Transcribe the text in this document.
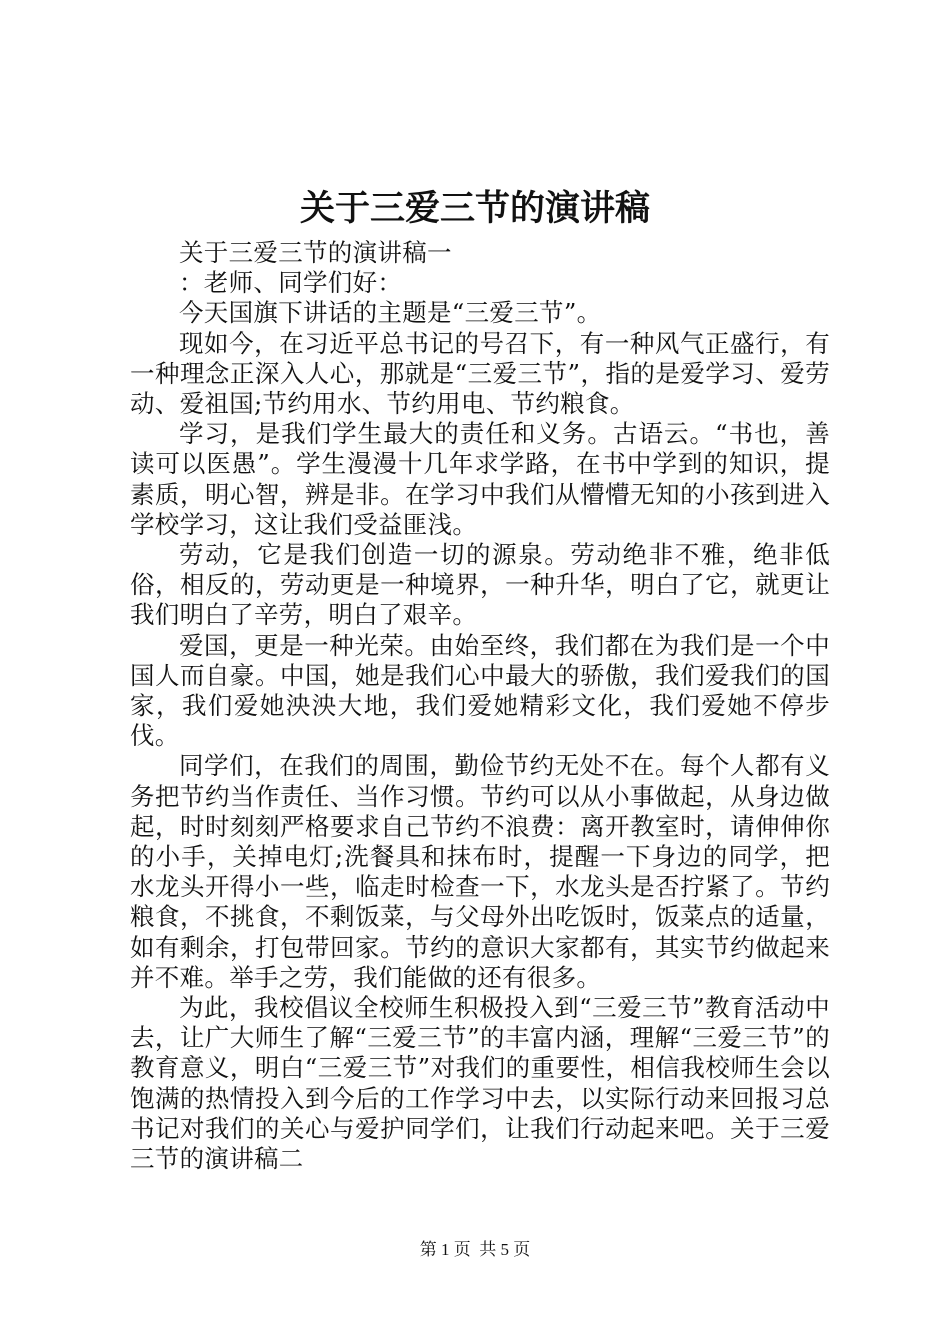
关于三爱三节的演讲稿

关于三爱三节的演讲稿一

：老师、同学们好：

今天国旗下讲话的主题是“三爱三节”。

现如今，在习近平总书记的号召下，有一种风气正盛行，有一种理念正深入人心，那就是“三爱三节”，指的是爱学习、爱劳动、爱祖国;节约用水、节约用电、节约粮食。

学习，是我们学生最大的责任和义务。古语云。“书也，善读可以医愚”。学生漫漫十几年求学路，在书中学到的知识，提素质，明心智，辨是非。在学习中我们从懵懵无知的小孩到进入学校学习，这让我们受益匪浅。

劳动，它是我们创造一切的源泉。劳动绝非不雅，绝非低俗，相反的，劳动更是一种境界，一种升华，明白了它，就更让我们明白了辛劳，明白了艰辛。

爱国，更是一种光荣。由始至终，我们都在为我们是一个中国人而自豪。中国，她是我们心中最大的骄傲，我们爱我们的国家，我们爱她泱泱大地，我们爱她精彩文化，我们爱她不停步伐。

同学们，在我们的周围，勤俭节约无处不在。每个人都有义务把节约当作责任、当作习惯。节约可以从小事做起，从身边做起，时时刻刻严格要求自己节约不浪费：离开教室时，请伸伸你的小手，关掉电灯;洗餐具和抹布时，提醒一下身边的同学，把水龙头开得小一些，临走时检查一下，水龙头是否拧紧了。节约粮食，不挑食，不剩饭菜，与父母外出吃饭时，饭菜点的适量，如有剩余，打包带回家。节约的意识大家都有，其实节约做起来并不难。举手之劳，我们能做的还有很多。

为此，我校倡议全校师生积极投入到“三爱三节”教育活动中去，让广大师生了解“三爱三节”的丰富内涵，理解“三爱三节”的教育意义，明白“三爱三节”对我们的重要性，相信我校师生会以饱满的热情投入到今后的工作学习中去，以实际行动来回报习总书记对我们的关心与爱护同学们，让我们行动起来吧。关于三爱三节的演讲稿二

第 1 页  共 5 页
